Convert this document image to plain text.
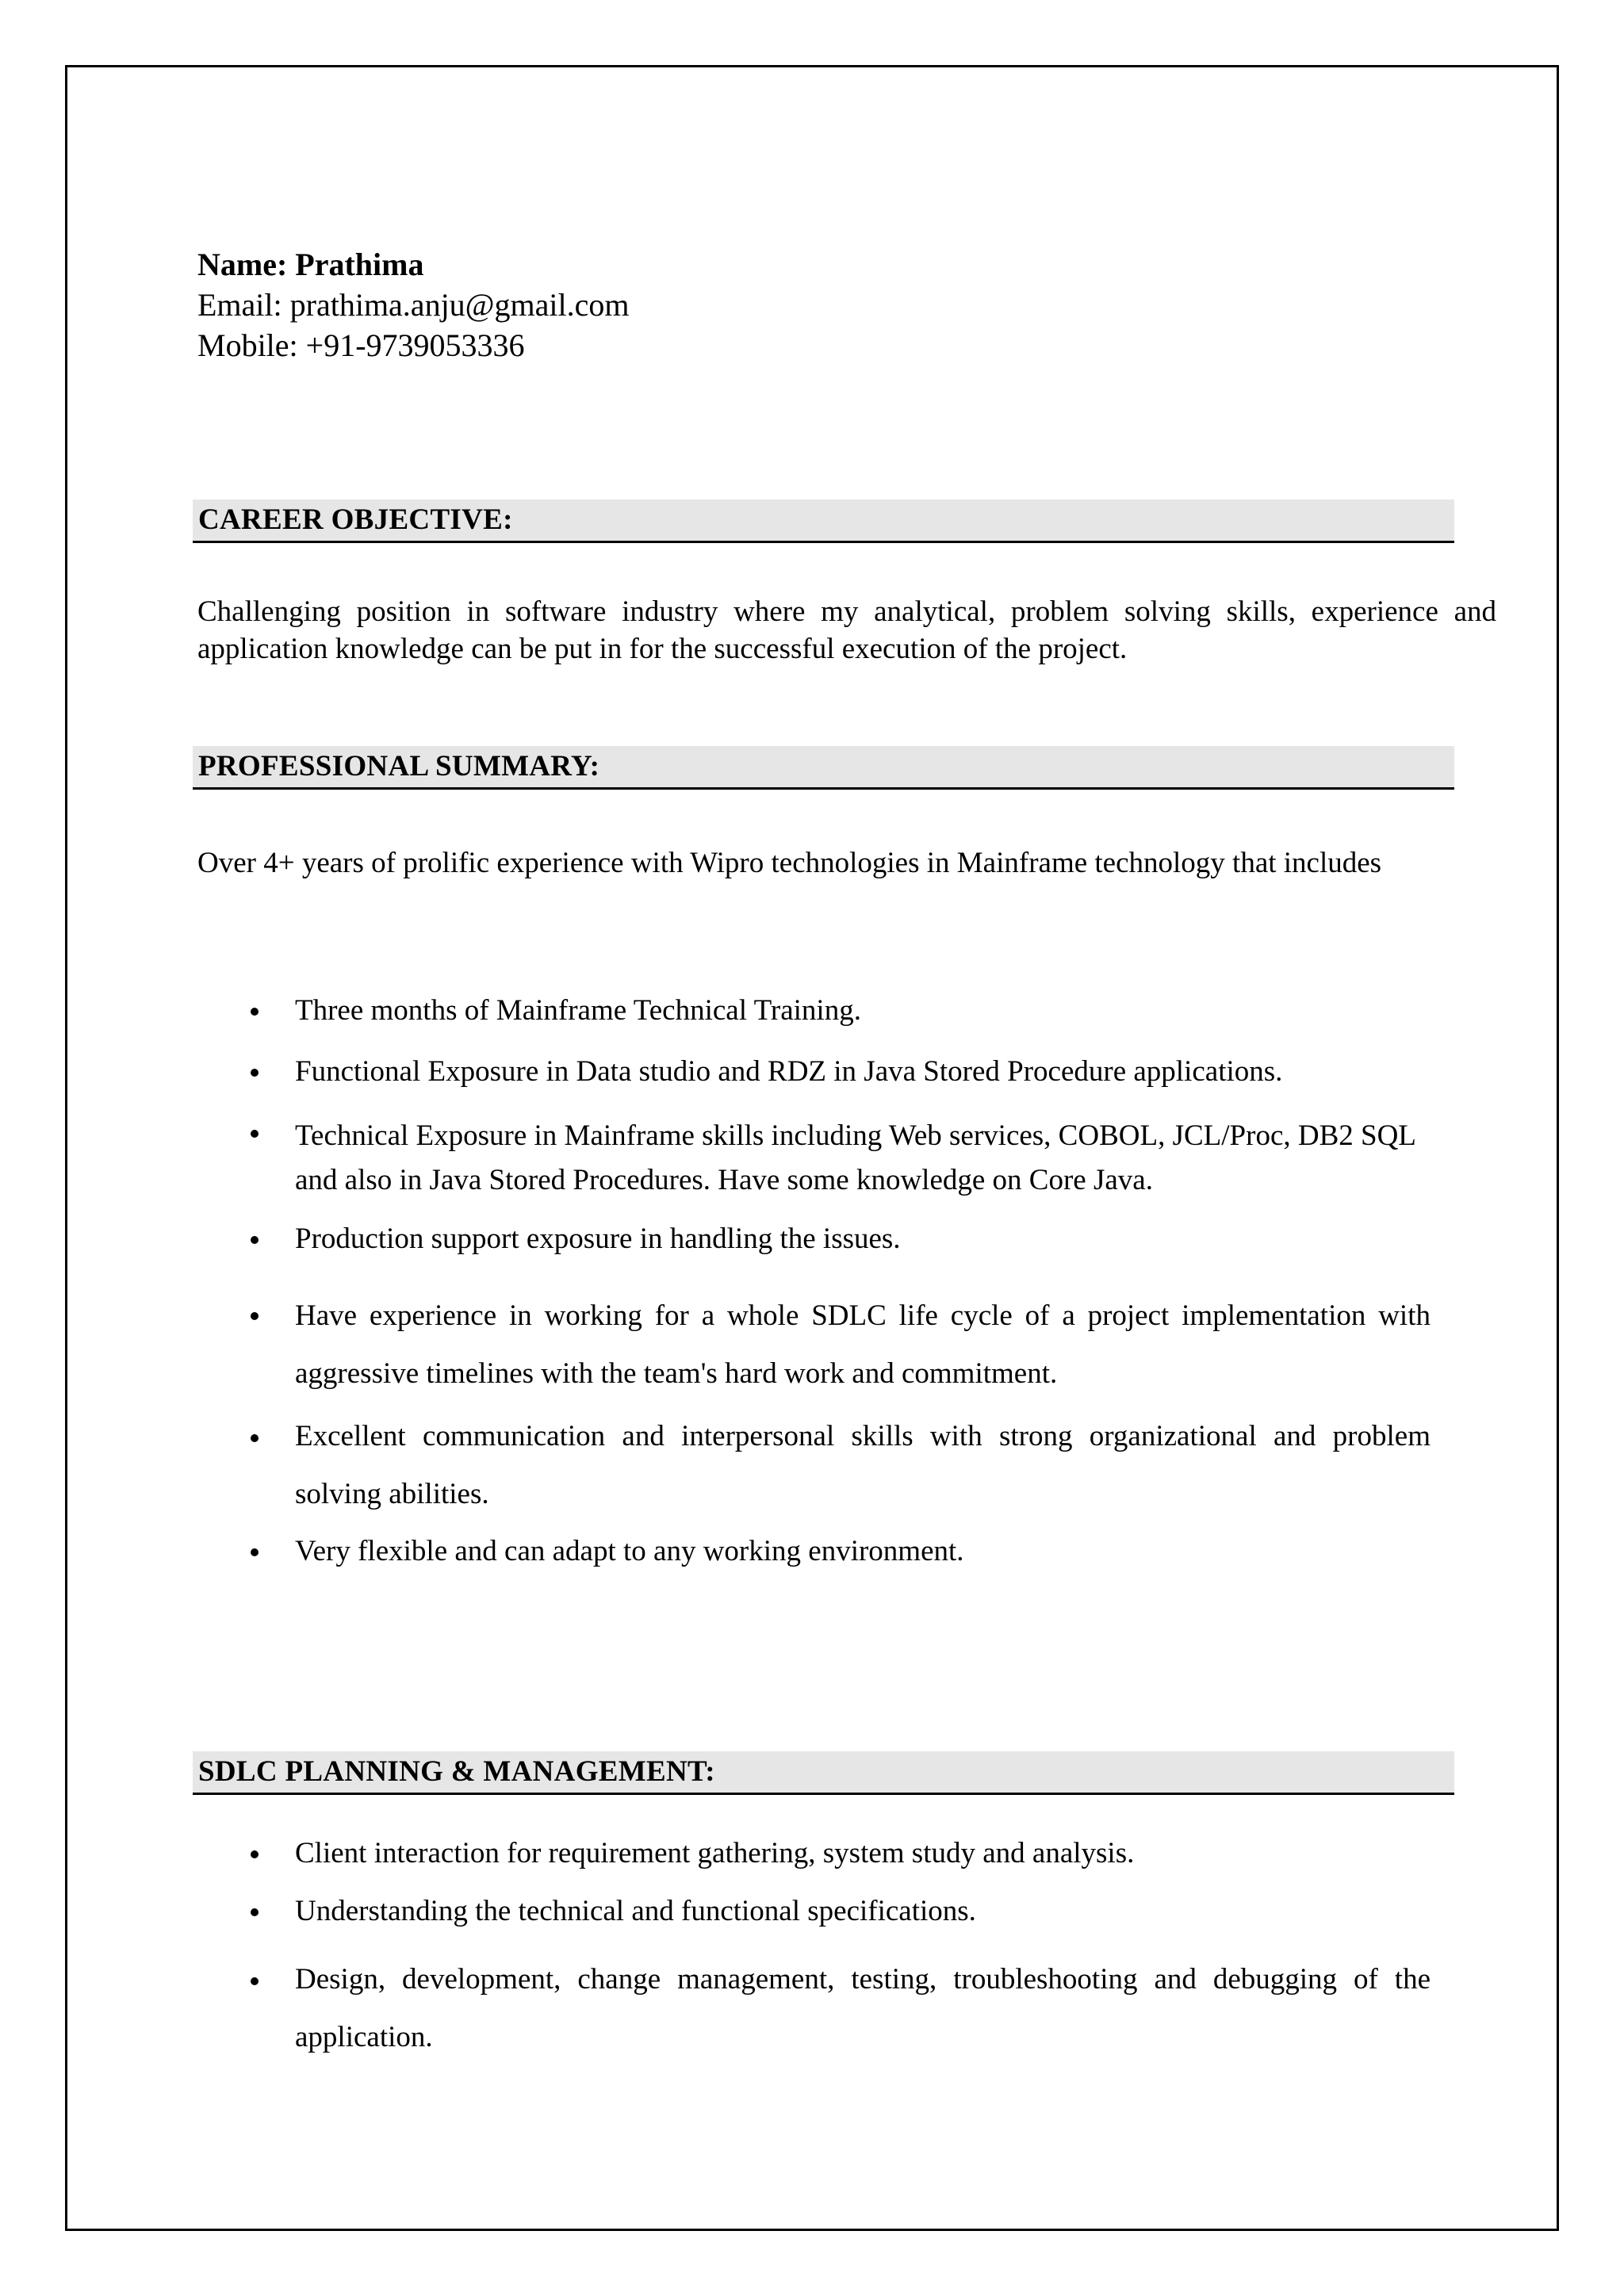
Name: Prathima
Email: prathima.anju@gmail.com
Mobile: +91-9739053336
CAREER OBJECTIVE:
Challenging position in software industry where my analytical, problem solving skills, experience and application knowledge can be put in for the successful execution of the project.
PROFESSIONAL SUMMARY:
Over 4+ years of prolific experience with Wipro technologies in Mainframe technology that includes
Three months of Mainframe Technical Training.
Functional Exposure in Data studio and RDZ in Java Stored Procedure applications.
Technical Exposure in Mainframe skills including Web services, COBOL, JCL/Proc, DB2 SQL and also in Java Stored Procedures. Have some knowledge on Core Java.
Production support exposure in handling the issues.
Have experience in working for a whole SDLC life cycle of a project implementation with aggressive timelines with the team's hard work and commitment.
Excellent communication and interpersonal skills with strong organizational and problem solving abilities.
Very flexible and can adapt to any working environment.
SDLC PLANNING & MANAGEMENT:
Client interaction for requirement gathering, system study and analysis.
Understanding the technical and functional specifications.
Design, development, change management, testing, troubleshooting and debugging of the application.
